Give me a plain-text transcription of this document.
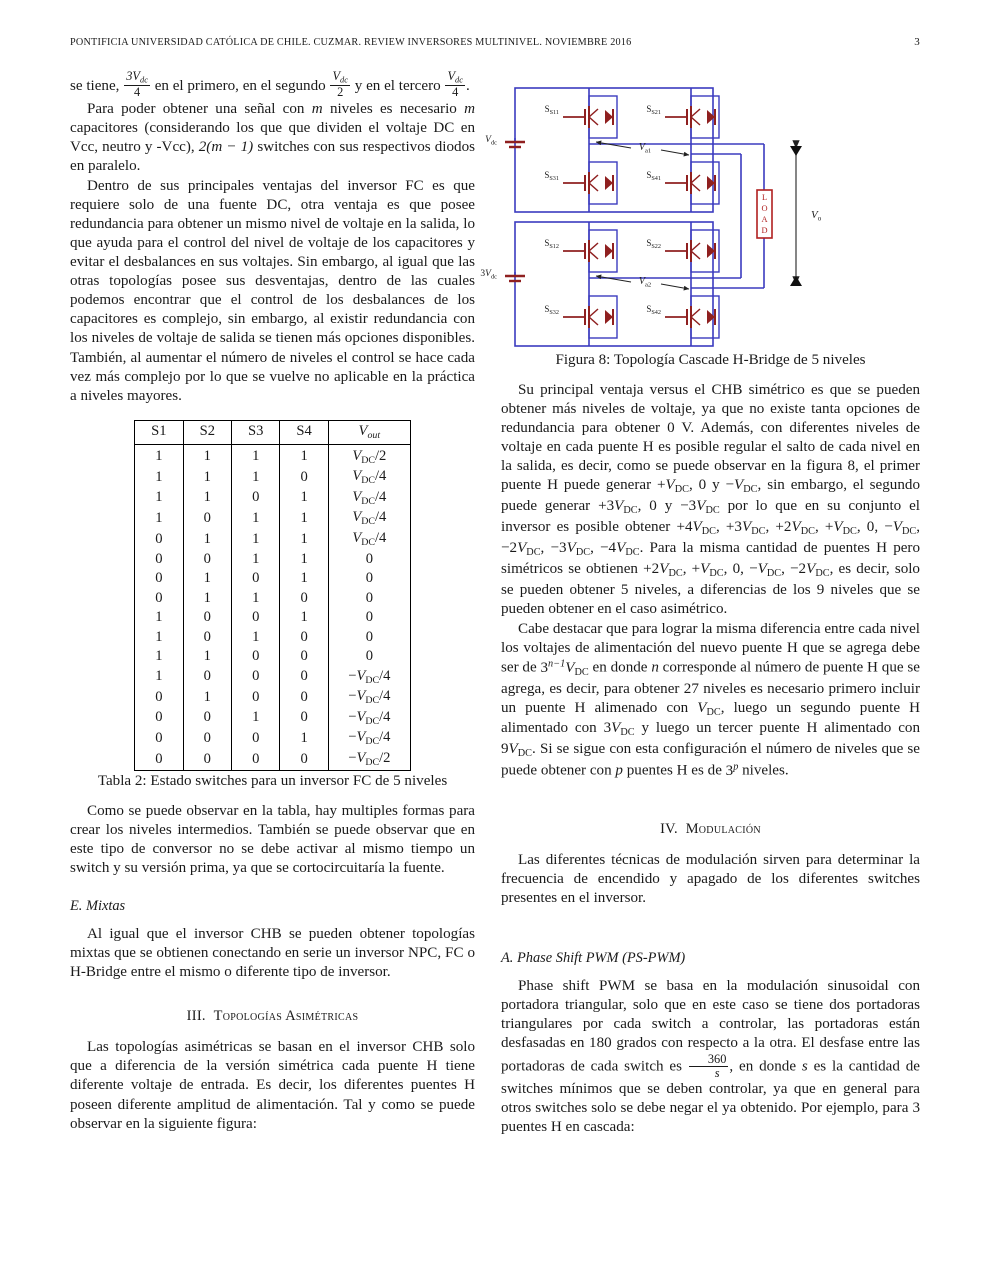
PONTIFICIA UNIVERSIDAD CATÓLICA DE CHILE. CUZMAR. REVIEW INVERSORES MULTINIVEL. NOVIEMBRE 2016	3

se tiene, $\frac{3V_{dc}}{4}$ en el primero, en el segundo $\frac{V_{dc}}{2}$ y en el tercero $\frac{V_{dc}}{4}$ .

Para poder obtener una señal con m niveles es necesario m capacitores (considerando los que que dividen el voltaje DC en Vcc, neutro y -Vcc), 2(m − 1) switches con sus respectivos diodos en paralelo.

Dentro de sus principales ventajas del inversor FC es que requiere solo de una fuente DC, otra ventaja es que posee redundancia para obtener un mismo nivel de voltaje en la salida, lo que ayuda para el control del nivel de voltaje de los capacitores y evitar el desbalances en sus voltajes. Sin embargo, al igual que las otras topologías posee sus desventajas, dentro de las cuales podemos encontrar que el control de los desbalances de los capacitores es complejo, sin embargo, al existir redundancia con los niveles de voltaje de salida se tienen más opciones disponibles. También, al aumentar el número de niveles el control se hace cada vez más complejo por lo que se vuelve no aplicable en la práctica a niveles mayores.

S1	S2	S3	S4	$V_{out}$
1	1	1	1	VDC/2
1	1	1	0	VDC/4
1	1	0	1	VDC/4
1	0	1	1	VDC/4
0	1	1	1	VDC/4
0	0	1	1	0
0	1	0	1	0
0	1	1	0	0
1	0	0	1	0
1	0	1	0	0
1	1	0	0	0
1	0	0	0	−VDC/4
0	1	0	0	−VDC/4
0	0	1	0	−VDC/4
0	0	0	1	−VDC/4
0	0	0	0	−VDC/2
Tabla 2: Estado switches para un inversor FC de 5 niveles

Como se puede observar en la tabla, hay multiples formas para crear los niveles intermedios. También se puede observar que en este tipo de conversor no se debe activar al mismo tiempo un switch y su versión prima, ya que se cortocircuitaría la fuente.

E. Mixtas

Al igual que el inversor CHB se pueden obtener topologías mixtas que se obtienen conectando en serie un inversor NPC, FC o H-Bridge entre el mismo o diferente tipo de inversor.

III. Topologías Asimétricas

Las topologías asimétricas se basan en el inversor CHB solo que a diferencia de la versión simétrica cada puente H tiene diferente voltaje de entrada. Es decir, los diferentes puentes H poseen diferente amplitud de alimentación. Tal y como se puede observar en la siguiente figura:

$V_{dc}$
$S_{S11}$	$S_{S21}$
$S_{S31}$	$S_{S41}$
$V_{a1}$
$3V_{dc}$
$S_{S12}$	$S_{S22}$
$S_{S32}$	$S_{S42}$
$V_{a2}$
L
O
A
D
$V_o$
Figura 8: Topología Cascade H-Bridge de 5 niveles

Su principal ventaja versus el CHB simétrico es que se pueden obtener más niveles de voltaje, ya que no existe tanta opciones de redundancia para obtener 0 V. Además, con diferentes niveles de voltaje en cada puente H es posible regular el salto de cada nivel en la salida, es decir, como se puede observar en la figura 8, el primer puente H puede generar +VDC, 0 y −VDC, sin embargo, el segundo puede generar +3VDC, 0 y −3VDC por lo que en su conjunto el inversor es posible obtener +4VDC, +3VDC, +2VDC, +VDC, 0, −VDC, −2VDC, −3VDC, −4VDC. Para la misma cantidad de puentes H pero simétricos se obtienen +2VDC, +VDC, 0, −VDC, −2VDC, es decir, solo se pueden obtener 5 niveles, a diferencias de los 9 niveles que se pueden obtener en el caso asimétrico.

Cabe destacar que para lograr la misma diferencia entre cada nivel los voltajes de alimentación del nuevo puente H que se agrega debe ser de $3^{n-1}VDC$ en donde n corresponde al número de puente H que se agrega, es decir, para obtener 27 niveles es necesario primero incluir un puente H alimenado con VDC, luego un segundo puente H alimentado con 3VDC y luego un tercer puente H alimentado con 9VDC. Si se sigue con esta configuración el número de niveles que se puede obtener con p puentes H es de 3$^p$ niveles.

IV. Modulación

Las diferentes técnicas de modulación sirven para determinar la frecuencia de encendido y apagado de los diferentes switches presentes en el inversor.

A. Phase Shift PWM (PS-PWM)

Phase shift PWM se basa en la modulación sinusoidal con portadora triangular, solo que en este caso se tiene dos portadoras triangulares por cada switch a controlar, las portadoras están desfasadas en 180 grados con respecto a la otra. El desfase entre las portadoras de cada switch es $\frac{360}{s}$ , en donde s es la cantidad de switches mínimos que se deben controlar, ya que en general para otros switches solo se debe negar el ya obtenido. Por ejemplo, para 3 puentes H en cascada:
